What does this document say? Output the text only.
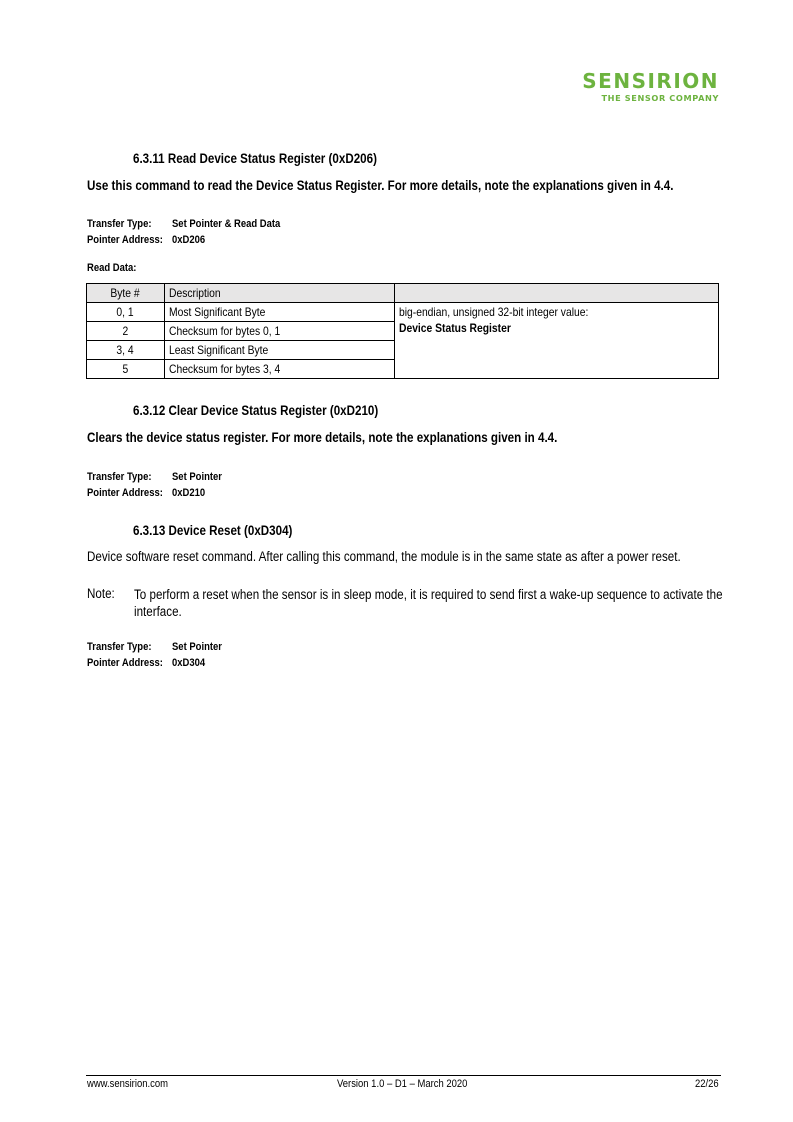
SENSIRION
THE SENSOR COMPANY
6.3.11 Read Device Status Register (0xD206)
Use this command to read the Device Status Register. For more details, note the explanations given in 4.4.
Transfer Type: Set Pointer & Read Data
Pointer Address: 0xD206
Read Data:
Byte #	Description	
0, 1	Most Significant Byte	big-endian, unsigned 32-bit integer value:
Device Status Register

2	Checksum for bytes 0, 1	
3, 4	Least Significant Byte	
5	Checksum for bytes 3, 4	
6.3.12 Clear Device Status Register (0xD210)
Clears the device status register. For more details, note the explanations given in 4.4.
Transfer Type: Set Pointer
Pointer Address: 0xD210
6.3.13 Device Reset (0xD304)
Device software reset command. After calling this command, the module is in the same state as after a power reset.
Note:	To perform a reset when the sensor is in sleep mode, it is required to send first a wake-up sequence to activate the interface.
Transfer Type: Set Pointer
Pointer Address: 0xD304
www.sensirion.com	Version 1.0 – D1 – March 2020	22/26
